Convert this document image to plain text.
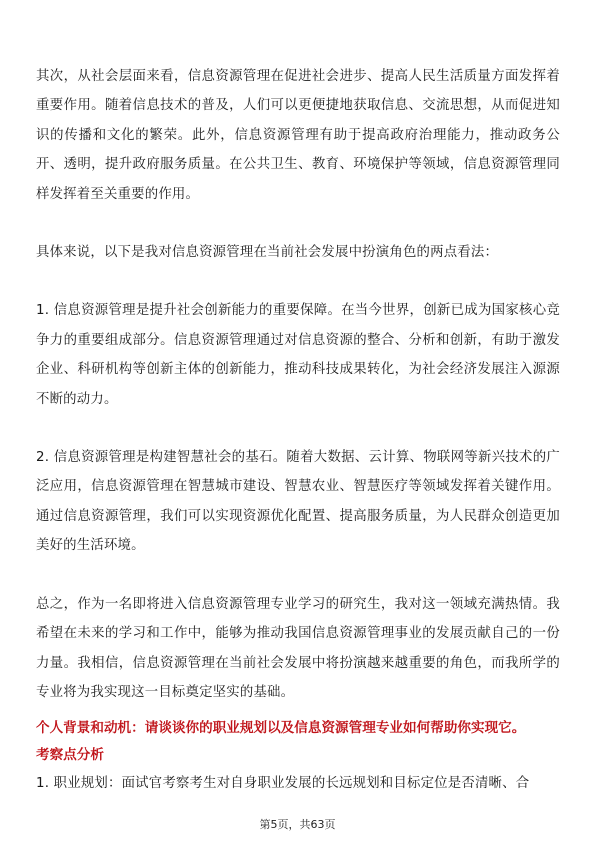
其次，从社会层面来看，信息资源管理在促进社会进步、提高人民生活质量方面发挥着重要作用。随着信息技术的普及，人们可以更便捷地获取信息、交流思想，从而促进知识的传播和文化的繁荣。此外，信息资源管理有助于提高政府治理能力，推动政务公开、透明，提升政府服务质量。在公共卫生、教育、环境保护等领域，信息资源管理同样发挥着至关重要的作用。

具体来说，以下是我对信息资源管理在当前社会发展中扮演角色的两点看法：

1. 信息资源管理是提升社会创新能力的重要保障。在当今世界，创新已成为国家核心竞争力的重要组成部分。信息资源管理通过对信息资源的整合、分析和创新，有助于激发企业、科研机构等创新主体的创新能力，推动科技成果转化，为社会经济发展注入源源不断的动力。

2. 信息资源管理是构建智慧社会的基石。随着大数据、云计算、物联网等新兴技术的广泛应用，信息资源管理在智慧城市建设、智慧农业、智慧医疗等领域发挥着关键作用。通过信息资源管理，我们可以实现资源优化配置、提高服务质量，为人民群众创造更加美好的生活环境。

总之，作为一名即将进入信息资源管理专业学习的研究生，我对这一领域充满热情。我希望在未来的学习和工作中，能够为推动我国信息资源管理事业的发展贡献自己的一份力量。我相信，信息资源管理在当前社会发展中将扮演越来越重要的角色，而我所学的专业将为我实现这一目标奠定坚实的基础。

个人背景和动机：请谈谈你的职业规划以及信息资源管理专业如何帮助你实现它。

考察点分析

1. 职业规划：面试官考察考生对自身职业发展的长远规划和目标定位是否清晰、合

第5页，共63页
